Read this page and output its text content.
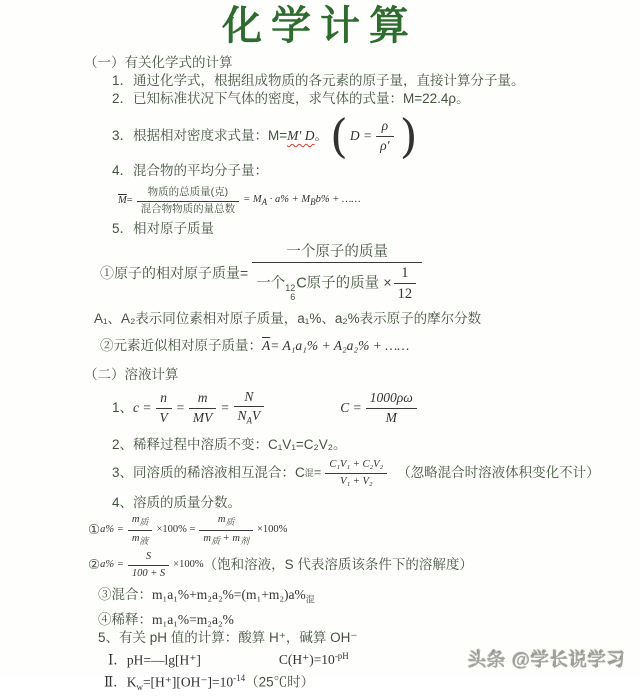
化学计算
（一）有关化学式的计算
1．通过化学式，根据组成物质的各元素的原子量，直接计算分子量。
2．已知标准状况下气体的密度，求气体的式量：M=22.4ρ。
3．根据相对密度求式量：M= M′ D 。 ( $D = \frac{\rho}{\rho'}$ )
4．混合物的平均分子量：
$\overline{M} = \frac{\text{物质的总质量(克)}}{\text{混合物物质的量总数}} = M_A \cdot a\% + M_Bb\%$ + ……
5．相对原子质量
①原子的相对原子质量= 一个原子的质量
一个 12
6
C原子的质量 × $\frac{1}{12}$
A₁、A₂表示同位素相对原子质量，a₁%、a₂%表示原子的摩尔分数
②元素近似相对原子质量： $\overline{A} = A_1a_1\% + A_2a_2\%$ + ……
（二）溶液计算
1、 $c = \frac{n}{V} = \frac{m}{MV} = \frac{N}{N_AV}$	$C = \frac{1000\rho\omega}{M}$
2、稀释过程中溶质不变：C₁V₁=C₂V₂。
3、同溶质的稀溶液相互混合：C 混 = $\frac{\text{C₁V₁ + C₂V₂}}{\text{V₁ + V₂}}$ （忽略混合时溶液体积变化不计）
4、溶质的质量分数。
① $a\% = \frac{m_质}{m_液} \times 100\% = \frac{m_质}{m_质 + m_剂} \times 100\%$
② $a\% = \frac{S}{100 + S} \times 100\%$ （饱和溶液，S 代表溶质该条件下的溶解度）
③混合：$m_1a_1\%+m_2a_2\%=(m_1+m_2)a\%_混$
④稀释：m₁a₁%=m₂a₂%
5、有关 pH 值的计算：酸算 H⁺，碱算 OH⁻
Ⅰ．pH=—lg[H⁺]	$C(H^+)=10^{-pH}$
Ⅱ．$K_w=[H^+][OH^-]=10^{-14}(25℃$时）
头条 @学长说学习
